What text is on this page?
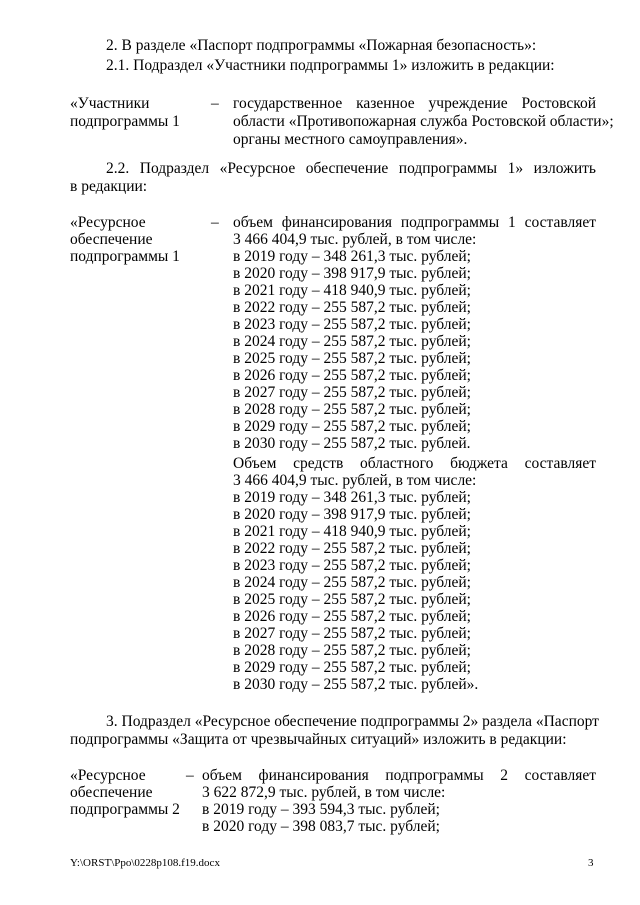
2. В разделе «Паспорт подпрограммы «Пожарная безопасность»:
2.1. Подраздел «Участники подпрограммы 1» изложить в редакции:
«Участники
подпрограммы 1
– государственное казенное учреждение Ростовской
области «Противопожарная служба Ростовской области»;
органы местного самоуправления».
2.2. Подраздел «Ресурсное обеспечение подпрограммы 1» изложить
в редакции:
«Ресурсное
обеспечение
подпрограммы 1
– объем финансирования подпрограммы 1 составляет
3 466 404,9 тыс. рублей, в том числе:
в 2019 году – 348 261,3 тыс. рублей;
в 2020 году – 398 917,9 тыс. рублей;
в 2021 году – 418 940,9 тыс. рублей;
в 2022 году – 255 587,2 тыс. рублей;
в 2023 году – 255 587,2 тыс. рублей;
в 2024 году – 255 587,2 тыс. рублей;
в 2025 году – 255 587,2 тыс. рублей;
в 2026 году – 255 587,2 тыс. рублей;
в 2027 году – 255 587,2 тыс. рублей;
в 2028 году – 255 587,2 тыс. рублей;
в 2029 году – 255 587,2 тыс. рублей;
в 2030 году – 255 587,2 тыс. рублей.
Объем средств областного бюджета составляет
3 466 404,9 тыс. рублей, в том числе:
в 2019 году – 348 261,3 тыс. рублей;
в 2020 году – 398 917,9 тыс. рублей;
в 2021 году – 418 940,9 тыс. рублей;
в 2022 году – 255 587,2 тыс. рублей;
в 2023 году – 255 587,2 тыс. рублей;
в 2024 году – 255 587,2 тыс. рублей;
в 2025 году – 255 587,2 тыс. рублей;
в 2026 году – 255 587,2 тыс. рублей;
в 2027 году – 255 587,2 тыс. рублей;
в 2028 году – 255 587,2 тыс. рублей;
в 2029 году – 255 587,2 тыс. рублей;
в 2030 году – 255 587,2 тыс. рублей».
3. Подраздел «Ресурсное обеспечение подпрограммы 2» раздела «Паспорт
подпрограммы «Защита от чрезвычайных ситуаций» изложить в редакции:
«Ресурсное
обеспечение
подпрограммы 2
– объем финансирования подпрограммы 2 составляет
3 622 872,9 тыс. рублей, в том числе:
в 2019 году – 393 594,3 тыс. рублей;
в 2020 году – 398 083,7 тыс. рублей;
Y:\ORST\Ppo\0228p108.f19.docx	3
